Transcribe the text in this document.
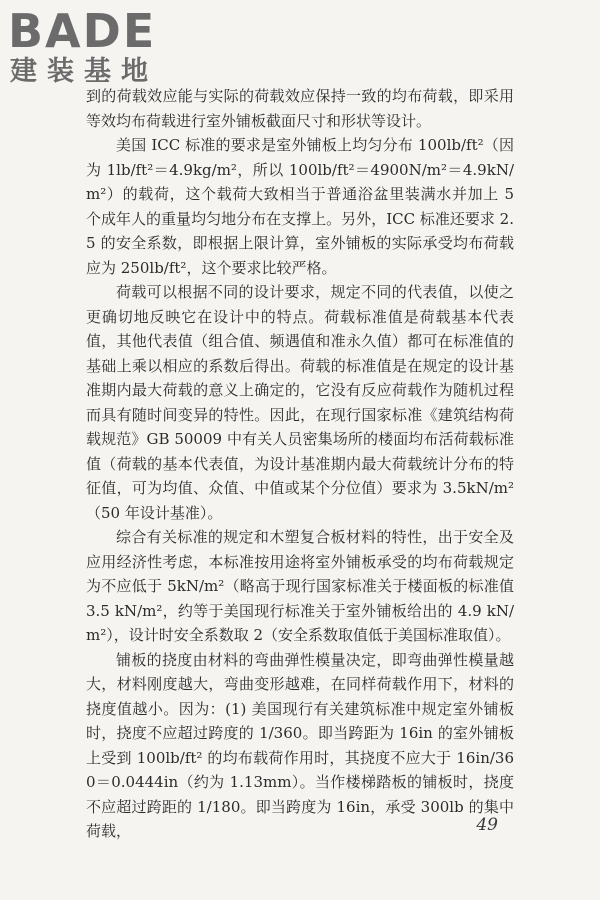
BADE
建装基地

到的荷载效应能与实际的荷载效应保持一致的均布荷载，即采用等效均布荷载进行室外铺板截面尺寸和形状等设计。

美国 ICC 标准的要求是室外铺板上均匀分布 100lb/ft²（因为 1lb/ft²＝4.9kg/m²，所以 100lb/ft²＝4900N/m²＝4.9kN/m²）的载荷，这个载荷大致相当于普通浴盆里装满水并加上 5 个成年人的重量均匀地分布在支撑上。另外，ICC 标准还要求 2.5 的安全系数，即根据上限计算，室外铺板的实际承受均布荷载应为 250lb/ft²，这个要求比较严格。

荷载可以根据不同的设计要求，规定不同的代表值，以使之更确切地反映它在设计中的特点。荷载标准值是荷载基本代表值，其他代表值（组合值、频遇值和准永久值）都可在标准值的基础上乘以相应的系数后得出。荷载的标准值是在规定的设计基准期内最大荷载的意义上确定的，它没有反应荷载作为随机过程而具有随时间变异的特性。因此，在现行国家标准《建筑结构荷载规范》GB 50009 中有关人员密集场所的楼面均布活荷载标准值（荷载的基本代表值，为设计基准期内最大荷载统计分布的特征值，可为均值、众值、中值或某个分位值）要求为 3.5kN/m²（50 年设计基准）。

综合有关标准的规定和木塑复合板材料的特性，出于安全及应用经济性考虑，本标准按用途将室外铺板承受的均布荷载规定为不应低于 5kN/m²（略高于现行国家标准关于楼面板的标准值 3.5 kN/m²，约等于美国现行标准关于室外铺板给出的 4.9 kN/m²），设计时安全系数取 2（安全系数取值低于美国标准取值）。

铺板的挠度由材料的弯曲弹性模量决定，即弯曲弹性模量越大，材料刚度越大，弯曲变形越难，在同样荷载作用下，材料的挠度值越小。因为：(1) 美国现行有关建筑标准中规定室外铺板时，挠度不应超过跨度的 1/360。即当跨距为 16in 的室外铺板上受到 100lb/ft² 的均布载荷作用时，其挠度不应大于 16in/360＝0.0444in（约为 1.13mm）。当作楼梯踏板的铺板时，挠度不应超过跨距的 1/180。即当跨度为 16in，承受 300lb 的集中荷载，	49
